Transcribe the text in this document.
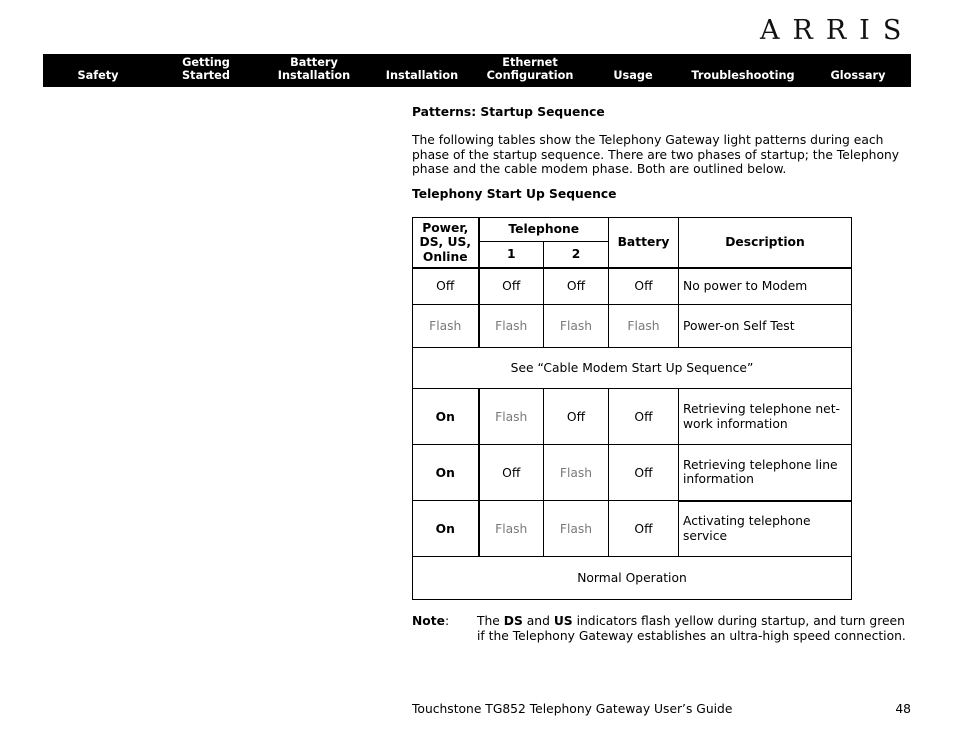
ARRIS
Safety
Getting
Started
Battery
Installation	Installation
Ethernet
Configuration	Usage	Troubleshooting	Glossary
Patterns: Startup Sequence
The following tables show the Telephony Gateway light patterns during each phase of the startup sequence. There are two phases of startup; the Telephony phase and the cable modem phase. Both are outlined below.
Telephony Start Up Sequence
Power, DS, US, Online	Telephone		Battery	Description
	1	2		
Off	Off	Off	Off	No power to Modem
Flash	Flash	Flash	Flash	Power-on Self Test
See “Cable Modem Start Up Sequence”				
On	Flash	Off	Off	Retrieving telephone net-
work information
On	Off	Flash	Off	Retrieving telephone line information
On	Flash	Flash	Off	Activating telephone service
Normal Operation				
Note: The DS and US indicators flash yellow during startup, and turn green if the Telephony Gateway establishes an ultra-high speed connection.
Touchstone TG852 Telephony Gateway User’s Guide	48
